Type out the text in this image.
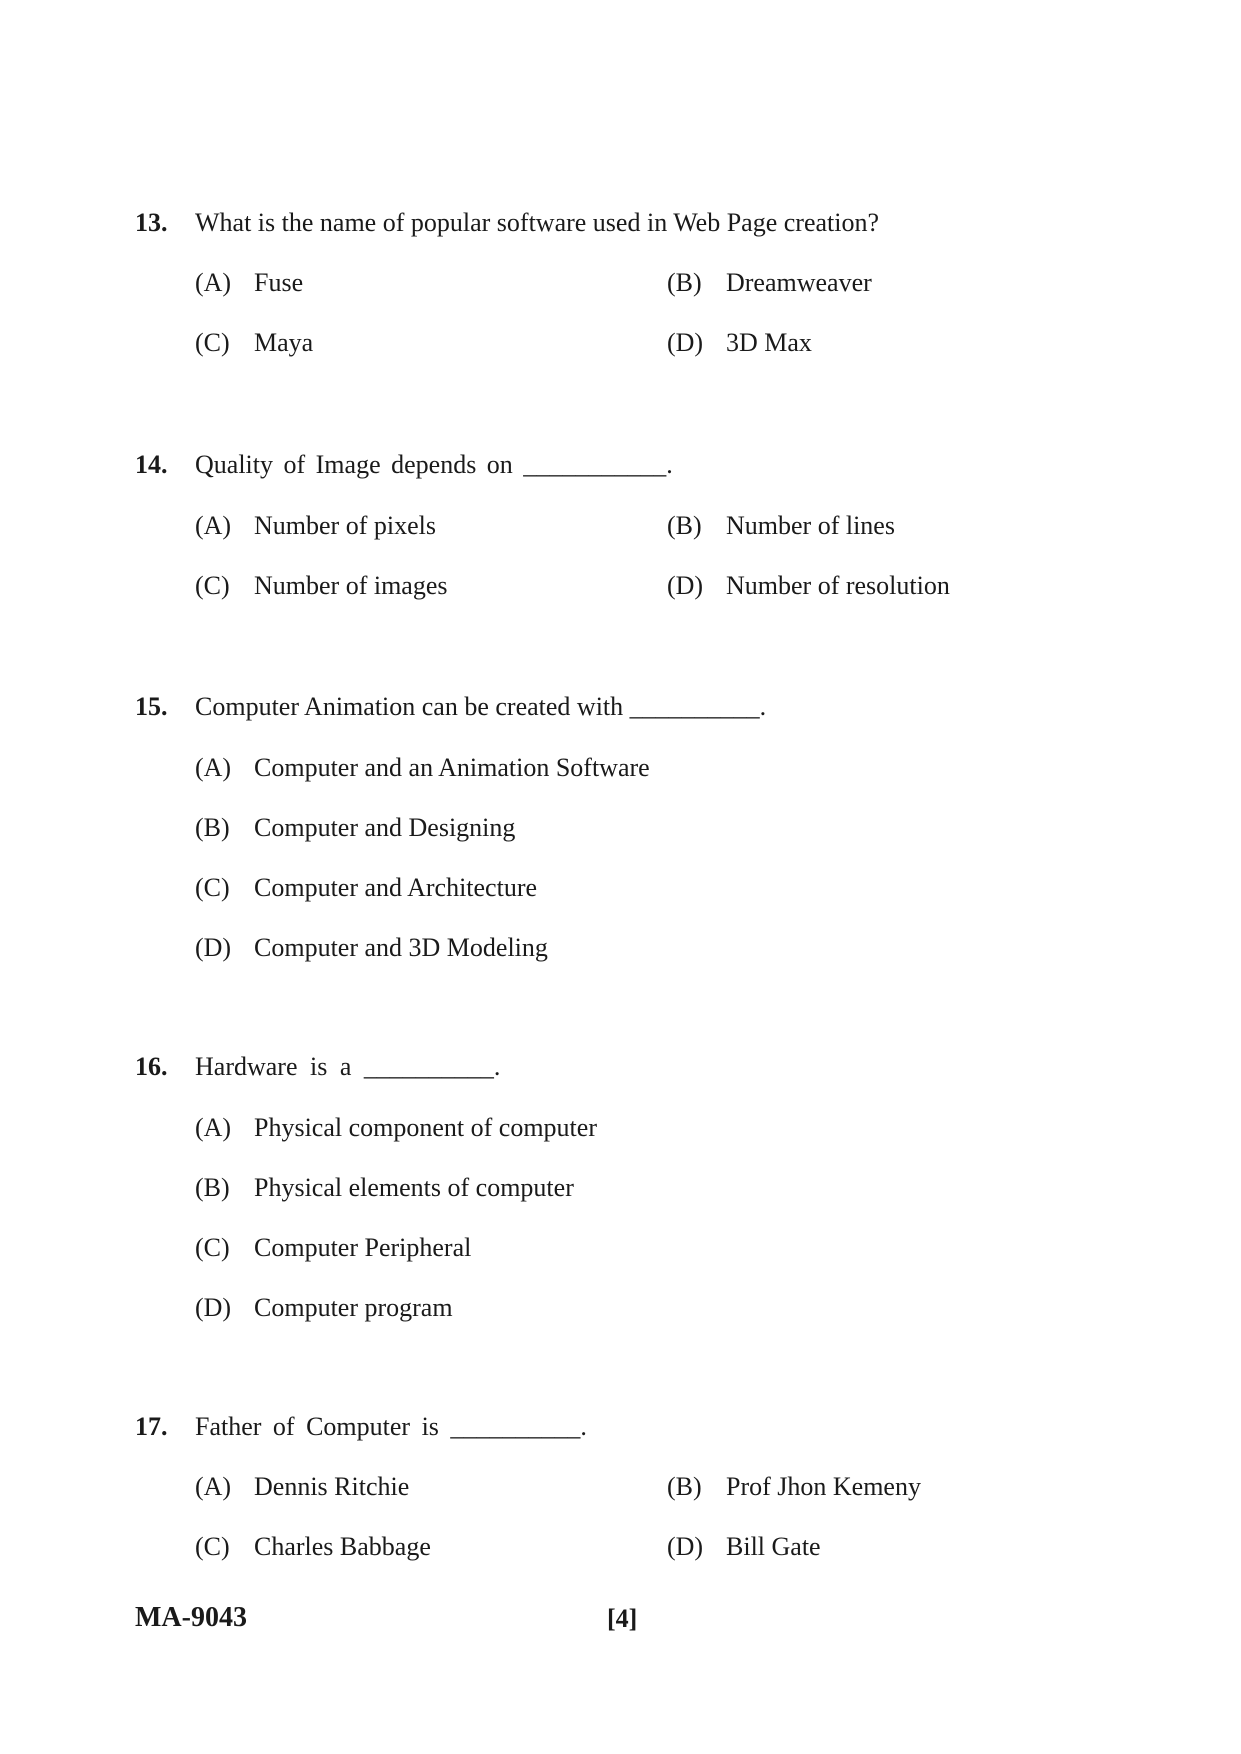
13. What is the name of popular software used in Web Page creation?
(A) Fuse	(B) Dreamweaver
(C) Maya	(D) 3D Max
14. Quality of Image depends on ___________.
(A) Number of pixels	(B) Number of lines
(C) Number of images	(D) Number of resolution
15. Computer Animation can be created with __________.
(A) Computer and an Animation Software
(B) Computer and Designing
(C) Computer and Architecture
(D) Computer and 3D Modeling
16. Hardware is a __________.
(A) Physical component of computer
(B) Physical elements of computer
(C) Computer Peripheral
(D) Computer program
17. Father of Computer is __________.
(A) Dennis Ritchie	(B) Prof Jhon Kemeny
(C) Charles Babbage	(D) Bill Gate
MA-9043	[4]
